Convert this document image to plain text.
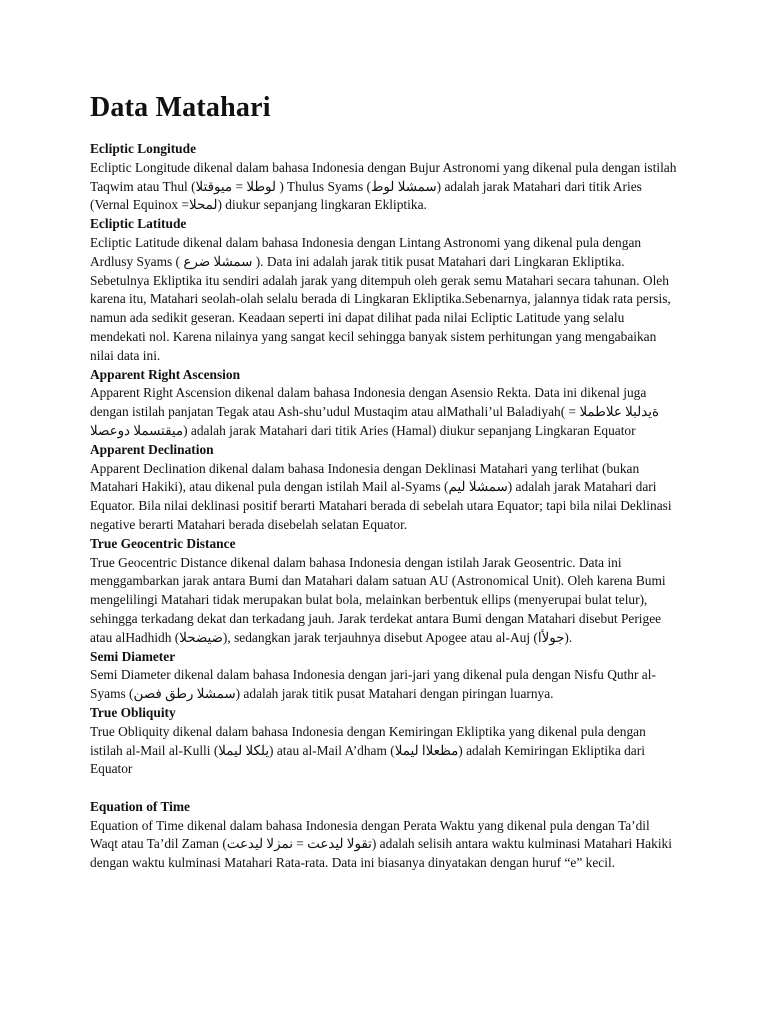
Data Matahari

Ecliptic Longitude

Ecliptic Longitude dikenal dalam bahasa Indonesia dengan Bujur Astronomi yang dikenal pula dengan istilah Taqwim atau Thul (لوطلا = ميوقتلا ) Thulus Syams (سمشلا لوط) adalah jarak Matahari dari titik Aries (Vernal Equinox =لمحلا) diukur sepanjang lingkaran Ekliptika.

Ecliptic Latitude

Ecliptic Latitude dikenal dalam bahasa Indonesia dengan Lintang Astronomi yang dikenal pula dengan Ardlusy Syams ( سمشلا ضرع ). Data ini adalah jarak titik pusat Matahari dari Lingkaran Ekliptika. Sebetulnya Ekliptika itu sendiri adalah jarak yang ditempuh oleh gerak semu Matahari secara tahunan. Oleh karena itu, Matahari seolah-olah selalu berada di Lingkaran Ekliptika.Sebenarnya, jalannya tidak rata persis, namun ada sedikit geseran. Keadaan seperti ini dapat dilihat pada nilai Ecliptic Latitude yang selalu mendekati nol. Karena nilainya yang sangat kecil sehingga banyak sistem perhitungan yang mengabaikan nilai data ini.

Apparent Right Ascension

Apparent Right Ascension dikenal dalam bahasa Indonesia dengan Asensio Rekta. Data ini dikenal juga dengan istilah panjatan Tegak atau Ash-shu’udul Mustaqim atau alMathali’ul Baladiyah( = ةيدلبلا علاطملا ميقتسملا دوعصلا) adalah jarak Matahari dari titik Aries (Hamal) diukur sepanjang Lingkaran Equator

Apparent Declination

Apparent Declination dikenal dalam bahasa Indonesia dengan Deklinasi Matahari yang terlihat (bukan Matahari Hakiki), atau dikenal pula dengan istilah Mail al-Syams (سمشلا ليم) adalah jarak Matahari dari Equator. Bila nilai deklinasi positif berarti Matahari berada di sebelah utara Equator; tapi bila nilai Deklinasi negative berarti Matahari berada disebelah selatan Equator.

True Geocentric Distance

True Geocentric Distance dikenal dalam bahasa Indonesia dengan istilah Jarak Geosentric. Data ini menggambarkan jarak antara Bumi dan Matahari dalam satuan AU (Astronomical Unit). Oleh karena Bumi mengelilingi Matahari tidak merupakan bulat bola, melainkan berbentuk ellips (menyerupai bulat telur), sehingga terkadang dekat dan terkadang jauh. Jarak terdekat antara Bumi dengan Matahari disebut Perigee atau alHadhidh (ضيضحلا), sedangkan jarak terjauhnya disebut Apogee atau al-Auj (جولأا).

Semi Diameter

Semi Diameter dikenal dalam bahasa Indonesia dengan jari-jari yang dikenal pula dengan Nisfu Quthr al-Syams (سمشلا رطق فصن) adalah jarak titik pusat Matahari dengan piringan luarnya.

True Obliquity

True Obliquity dikenal dalam bahasa Indonesia dengan Kemiringan Ekliptika yang dikenal pula dengan istilah al-Mail al-Kulli (يلكلا ليملا) atau al-Mail A’dham (مظعلاا ليملا) adalah Kemiringan Ekliptika dari Equator

Equation of Time

Equation of Time dikenal dalam bahasa Indonesia dengan Perata Waktu yang dikenal pula dengan Ta’dil Waqt atau Ta’dil Zaman (تقولا ليدعت = نمزلا ليدعت) adalah selisih antara waktu kulminasi Matahari Hakiki dengan waktu kulminasi Matahari Rata-rata. Data ini biasanya dinyatakan dengan huruf “e” kecil.
